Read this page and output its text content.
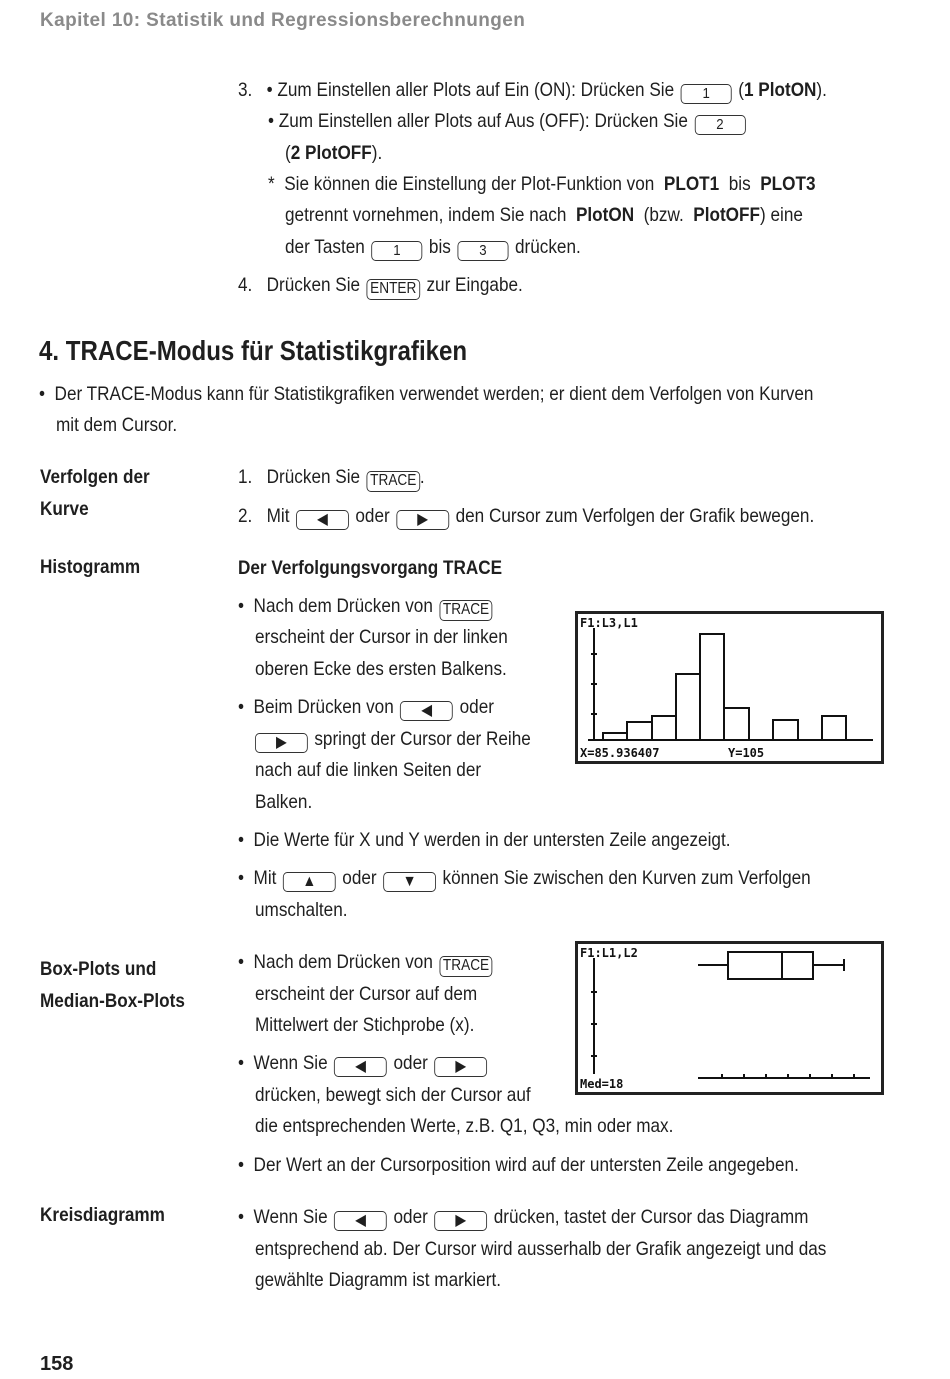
Kapitel 10: Statistik und Regressionsberechnungen
3. • Zum Einstellen aller Plots auf Ein (ON): Drücken Sie 1 (1 PlotON).
• Zum Einstellen aller Plots auf Aus (OFF): Drücken Sie 2
(2 PlotOFF).
* Sie können die Einstellung der Plot-Funktion von PLOT1 bis PLOT3
getrennt vornehmen, indem Sie nach PlotON (bzw. PlotOFF) eine
der Tasten 1 bis 3 drücken.
4. Drücken Sie ENTER zur Eingabe.
4. TRACE-Modus für Statistikgrafiken
• Der TRACE-Modus kann für Statistikgrafiken verwendet werden; er dient dem Verfolgen von Kurven
mit dem Cursor.
Verfolgen der
Kurve
1. Drücken Sie TRACE .
2. Mit ◀ oder ▶ den Cursor zum Verfolgen der Grafik bewegen.
Histogramm	Der Verfolgungsvorgang TRACE
• Nach dem Drücken von TRACE
erscheint der Cursor in der linken
oberen Ecke des ersten Balkens.
• Beim Drücken von ◀ oder
▶ springt der Cursor der Reihe
nach auf die linken Seiten der
Balken.
• Die Werte für X und Y werden in der untersten Zeile angezeigt.
• Mit ▲ oder ▼ können Sie zwischen den Kurven zum Verfolgen
umschalten.
F1:L3,L1
X=85.936407	Y=105
Box-Plots und
Median-Box-Plots
• Nach dem Drücken von TRACE
erscheint der Cursor auf dem
Mittelwert der Stichprobe (x).
• Wenn Sie ◀ oder ▶
drücken, bewegt sich der Cursor auf
die entsprechenden Werte, z.B. Q1, Q3, min oder max.
• Der Wert an der Cursorposition wird auf der untersten Zeile angegeben.
F1:L1,L2
Med=18
Kreisdiagramm	• Wenn Sie ◀ oder ▶ drücken, tastet der Cursor das Diagramm
entsprechend ab. Der Cursor wird ausserhalb der Grafik angezeigt und das
gewählte Diagramm ist markiert.
158
